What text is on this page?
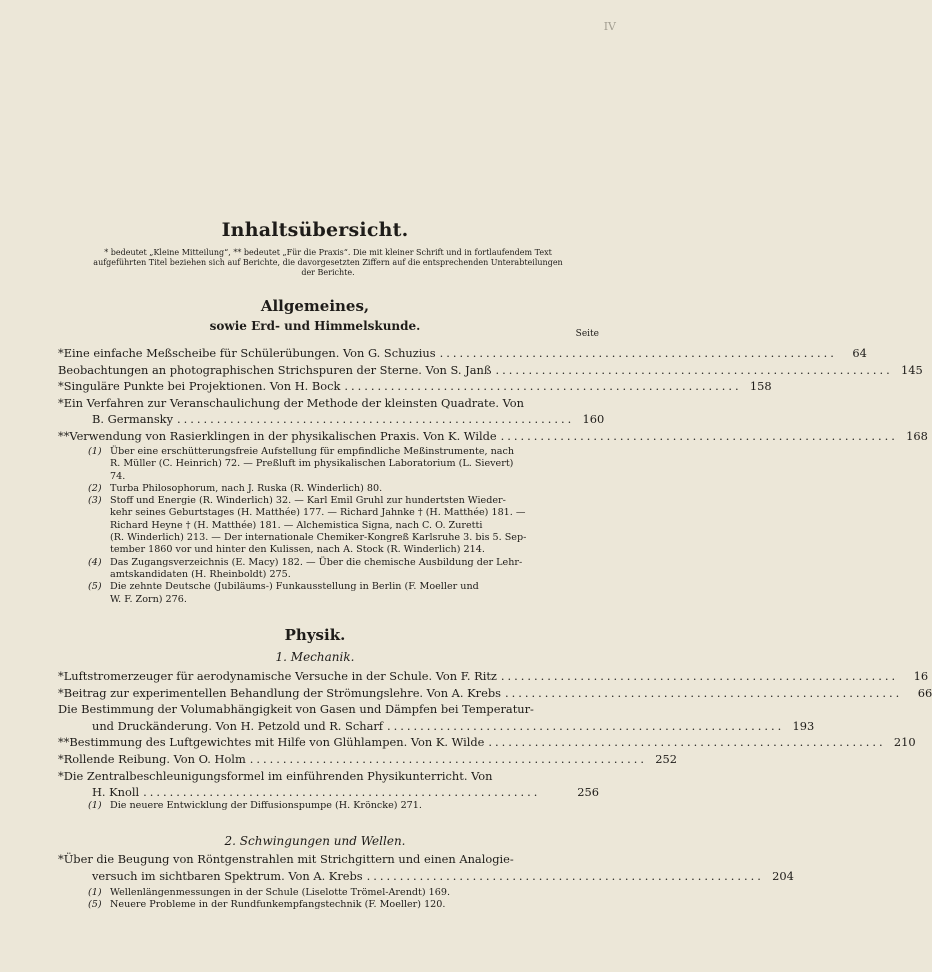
IV
Inhaltsübersicht.
* bedeutet „Kleine Mitteilung“, ** bedeutet „Für die Praxis“. Die mit kleiner Schrift und in fortlaufendem Text
aufgeführten Titel beziehen sich auf Berichte, die davorgesetzten Ziffern auf die entsprechenden Unterabteilungen
der Berichte.
Allgemeines,
sowie Erd- und Himmelskunde.
Seite
*Eine einfache Meßscheibe für Schülerübungen. Von G. Schuzius ............................................................	64
Beobachtungen an photographischen Strichspuren der Sterne. Von S. Janß ............................................................ 145
*Singuläre Punkte bei Projektionen. Von H. Bock ............................................................ 158
*Ein Verfahren zur Veranschaulichung der Methode der kleinsten Quadrate. Von
B. Germansky ............................................................ 160
**Verwendung von Rasierklingen in der physikalischen Praxis. Von K. Wilde ............................................................ 168
(1) Über eine erschütterungsfreie Aufstellung für empfindliche Meßinstrumente, nach
R. Müller (C. Heinrich) 72. — Preßluft im physikalischen Laboratorium (L. Sievert)
74.
(2) Turba Philosophorum, nach J. Ruska (R. Winderlich) 80.
(3) Stoff und Energie (R. Winderlich) 32. — Karl Emil Gruhl zur hundertsten Wieder-
kehr seines Geburtstages (H. Matthée) 177. — Richard Jahnke † (H. Matthée) 181. —
Richard Heyne † (H. Matthée) 181. — Alchemistica Signa, nach C. O. Zuretti
(R. Winderlich) 213. — Der internationale Chemiker-Kongreß Karlsruhe 3. bis 5. Sep-
tember 1860 vor und hinter den Kulissen, nach A. Stock (R. Winderlich) 214.
(4) Das Zugangsverzeichnis (E. Macy) 182. — Über die chemische Ausbildung der Lehr-
amtskandidaten (H. Rheinboldt) 275.
(5) Die zehnte Deutsche (Jubiläums-) Funkausstellung in Berlin (F. Moeller und
W. F. Zorn) 276.
Physik.
1. Mechanik.
*Luftstromerzeuger für aerodynamische Versuche in der Schule. Von F. Ritz ............................................................	16
*Beitrag zur experimentellen Behandlung der Strömungslehre. Von A. Krebs ............................................................	66
Die Bestimmung der Volumabhängigkeit von Gasen und Dämpfen bei Temperatur-
und Druckänderung. Von H. Petzold und R. Scharf ............................................................ 193
**Bestimmung des Luftgewichtes mit Hilfe von Glühlampen. Von K. Wilde ............................................................ 210
*Rollende Reibung. Von O. Holm ............................................................ 252
*Die Zentralbeschleunigungsformel im einführenden Physikunterricht. Von
H. Knoll ............................................................	256
(1) Die neuere Entwicklung der Diffusionspumpe (H. Kröncke) 271.
2. Schwingungen und Wellen.
*Über die Beugung von Röntgenstrahlen mit Strichgittern und einen Analogie-
versuch im sichtbaren Spektrum. Von A. Krebs ............................................................ 204
(1) Wellenlängenmessungen in der Schule (Liselotte Trömel-Arendt) 169.
(5) Neuere Probleme in der Rundfunkempfangstechnik (F. Moeller) 120.
